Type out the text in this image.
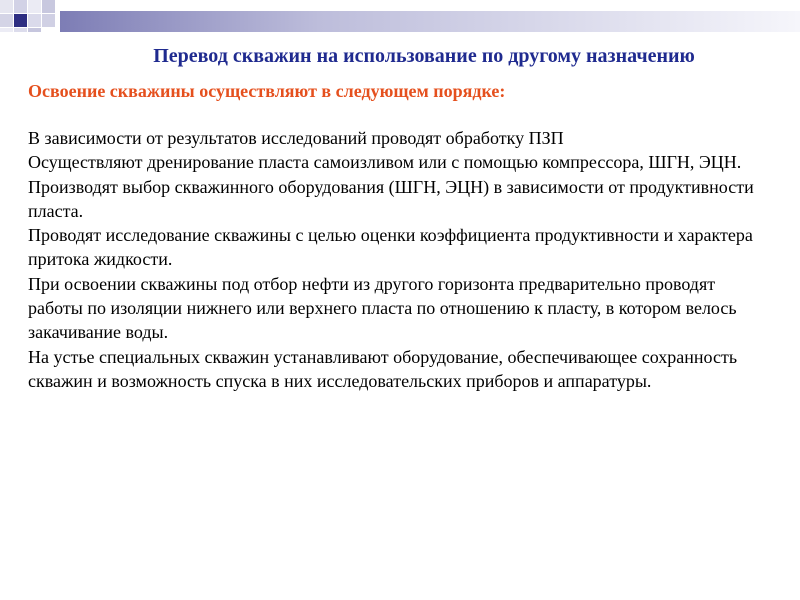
Перевод скважин на использование по другому назначению
Освоение скважины осуществляют в следующем порядке:
В зависимости от результатов исследований проводят обработку ПЗП
Осуществляют дренирование пласта самоизливом или с помощью компрессора, ШГН, ЭЦН.
Производят выбор скважинного оборудования (ШГН, ЭЦН) в зависимости от продуктивности пласта.
Проводят исследование скважины с целью оценки коэффициента продуктивности и характера притока жидкости.
При освоении скважины под отбор нефти из другого горизонта предварительно проводят работы по изоляции нижнего или верхнего пласта по отношению к пласту, в котором велось закачивание воды.
На устье специальных скважин устанавливают оборудование, обеспечивающее сохранность скважин и возможность спуска в них исследовательских приборов и аппаратуры.
